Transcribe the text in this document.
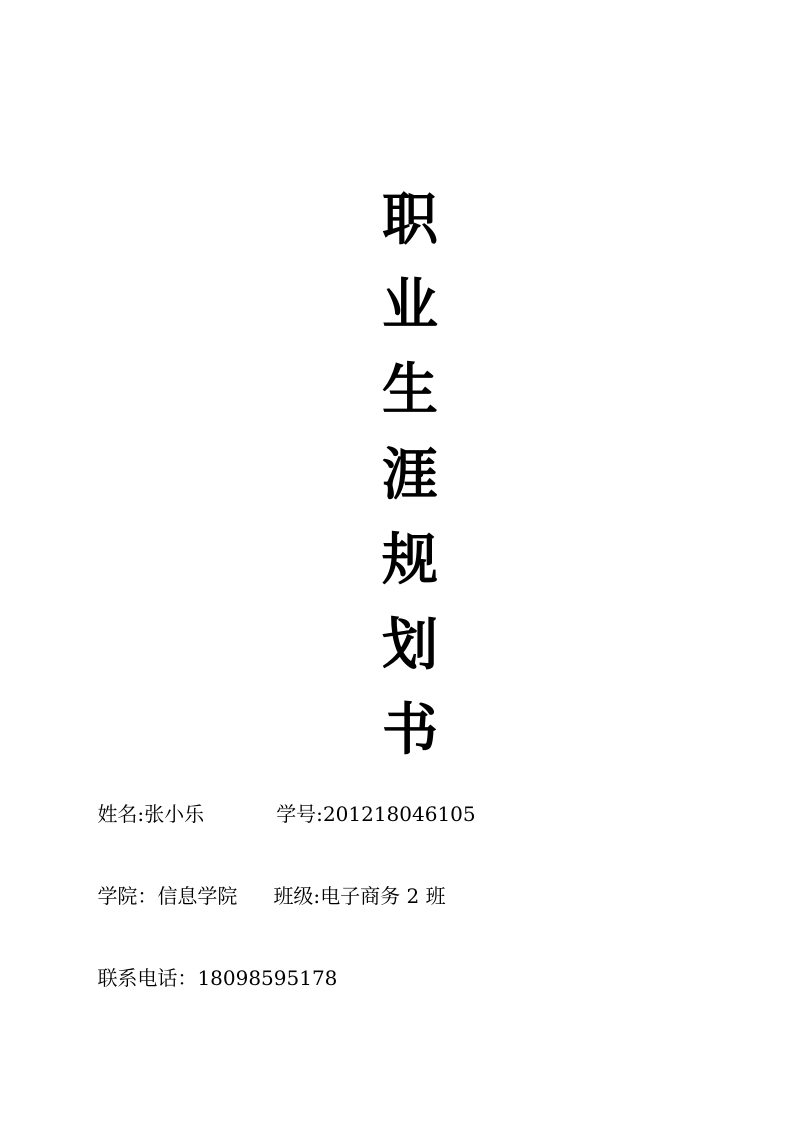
职
业
生
涯
规
划
书

姓名:张小乐	学号:201218046105

学院：信息学院 班级:电子商务 2 班

联系电话：18098595178
